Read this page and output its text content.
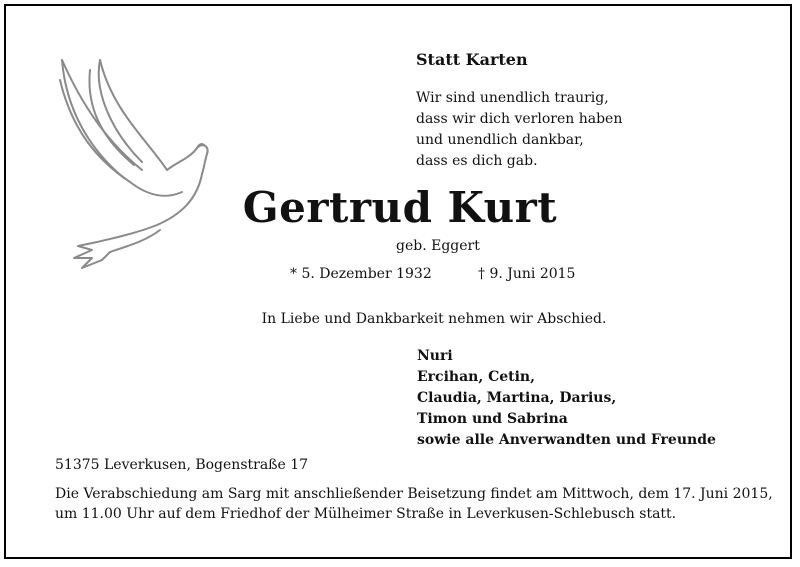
Statt Karten
Wir sind unendlich traurig,
dass wir dich verloren haben
und unendlich dankbar,
dass es dich gab.
Gertrud Kurt
geb. Eggert
* 5. Dezember 1932	† 9. Juni 2015
In Liebe und Dankbarkeit nehmen wir Abschied.
Nuri
Ercihan, Cetin,
Claudia, Martina, Darius,
Timon und Sabrina
sowie alle Anverwandten und Freunde
51375 Leverkusen, Bogenstraße 17
Die Verabschiedung am Sarg mit anschließender Beisetzung findet am Mittwoch, dem 17. Juni 2015,
um 11.00 Uhr auf dem Friedhof der Mülheimer Straße in Leverkusen-Schlebusch statt.
